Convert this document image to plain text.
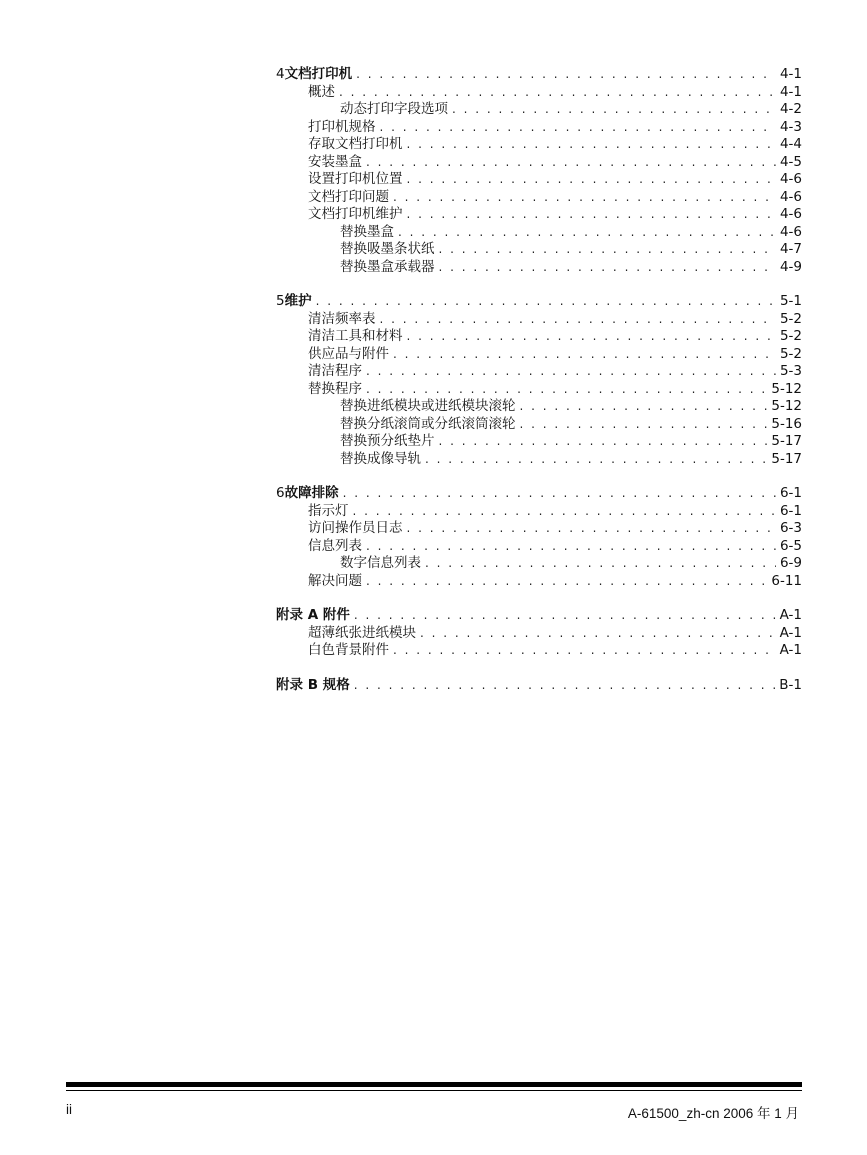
4 文档打印机 . . .	4-1
概述 . . .	4-1
动态打印字段选项 . . .	4-2
打印机规格 . . .	4-3
存取文档打印机 . . .	4-4
安装墨盒 . . .	4-5
设置打印机位置 . . .	4-6
文档打印问题 . . .	4-6
文档打印机维护 . . .	4-6
替换墨盒 . . .	4-6
替换吸墨条状纸 . . .	4-7
替换墨盒承载器 . . .	4-9
5 维护 . . .	5-1
清洁频率表 . . .	5-2
清洁工具和材料 . . .	5-2
供应品与附件 . . .	5-2
清洁程序 . . .	5-3
替换程序 . . .	5-12
替换进纸模块或进纸模块滚轮 . . .	5-12
替换分纸滚筒或分纸滚筒滚轮 . . .	5-16
替换预分纸垫片 . . .	5-17
替换成像导轨 . . .	5-17
6 故障排除 . . .	6-1
指示灯 . . .	6-1
访问操作员日志 . . .	6-3
信息列表 . . .	6-5
数字信息列表 . . .	6-9
解决问题 . . .	6-11
附录 A 附件 . . .	A-1
超薄纸张进纸模块 . . .	A-1
白色背景附件 . . .	A-1
附录 B 规格 . . .	B-1
ii	A-61500_zh-cn 2006 年 1 月
